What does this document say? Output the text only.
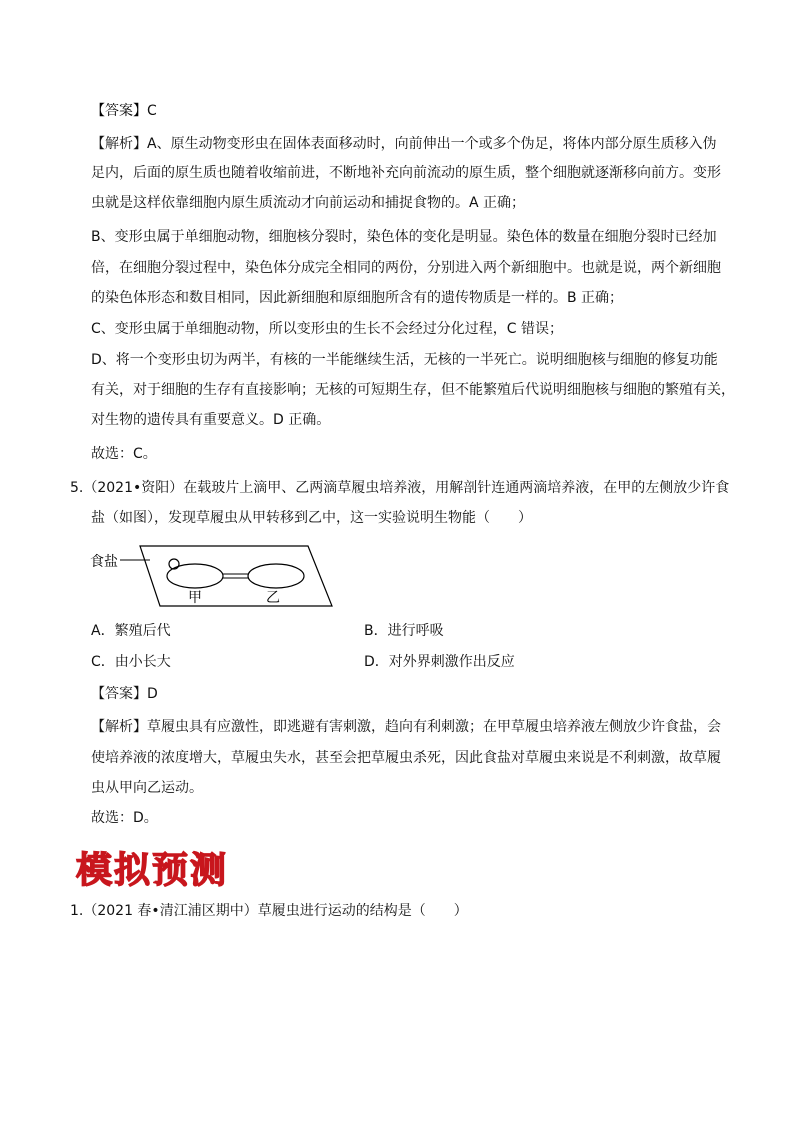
【答案】C
【解析】A、原生动物变形虫在固体表面移动时，向前伸出一个或多个伪足，将体内部分原生质移入伪
足内，后面的原生质也随着收缩前进，不断地补充向前流动的原生质，整个细胞就逐渐移向前方。变形
虫就是这样依靠细胞内原生质流动才向前运动和捕捉食物的。A 正确；
B、变形虫属于单细胞动物，细胞核分裂时，染色体的变化是明显。染色体的数量在细胞分裂时已经加
倍，在细胞分裂过程中，染色体分成完全相同的两份，分别进入两个新细胞中。也就是说，两个新细胞
的染色体形态和数目相同，因此新细胞和原细胞所含有的遗传物质是一样的。B 正确；
C、变形虫属于单细胞动物，所以变形虫的生长不会经过分化过程，C 错误；
D、将一个变形虫切为两半，有核的一半能继续生活，无核的一半死亡。说明细胞核与细胞的修复功能
有关，对于细胞的生存有直接影响；无核的可短期生存，但不能繁殖后代说明细胞核与细胞的繁殖有关，
对生物的遗传具有重要意义。D 正确。
故选：C。
5.（2021•资阳）在载玻片上滴甲、乙两滴草履虫培养液，用解剖针连通两滴培养液，在甲的左侧放少许食
盐（如图），发现草履虫从甲转移到乙中，这一实验说明生物能（　　）
食盐
甲	乙
A．繁殖后代	B．进行呼吸
C．由小长大	D．对外界刺激作出反应
【答案】D
【解析】草履虫具有应激性，即逃避有害刺激，趋向有利刺激；在甲草履虫培养液左侧放少许食盐，会
使培养液的浓度增大，草履虫失水，甚至会把草履虫杀死，因此食盐对草履虫来说是不利刺激，故草履
虫从甲向乙运动。
故选：D。
模拟预测
1.（2021 春•清江浦区期中）草履虫进行运动的结构是（　　）
